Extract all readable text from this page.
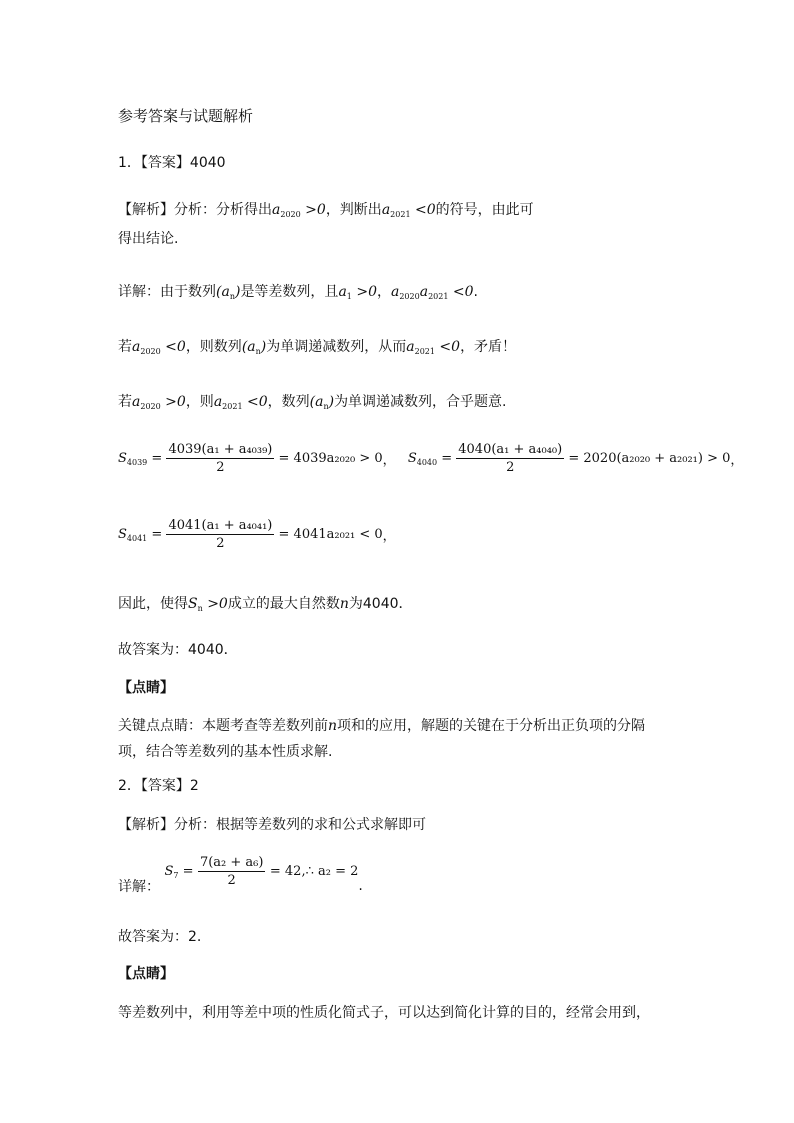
参考答案与试题解析
1．【答案】4040
【解析】分析：分析得出$a_{2020} >0$，判断出$a_{2021} <0$的符号，由此可
得出结论.
详解：由于数列$(a_n)$是等差数列，且$a_1 >0$，$a_{2020}a_{2021} <0$.
若$a_{2020} <0$，则数列$(a_n)$为单调递减数列，从而$a_{2021} <0$，矛盾！
若$a_{2020} >0$，则$a_{2021} <0$，数列$(a_n)$为单调递减数列，合乎题意.
$S_{4039} = \frac{\text{4039(a₁ + a₄₀₃₉)}}{2} = 4039a_{2020} > 0$， $S_{4040} = \frac{\text{4040(a₁ + a₄₀₄₀)}}{2} = 2020(a_{2020} + a_{2021}) > 0$，
$S_{4041} = \frac{\text{4041(a₁ + a₄₀₄₁)}}{2} = 4041a_{2021} < 0$，
因此，使得$S_n >0$成立的最大自然数n为4040．
故答案为：4040．
【点睛】
关键点点睛：本题考查等差数列前n项和的应用，解题的关键在于分析出正负项的分隔
项，结合等差数列的基本性质求解.
2．【答案】2
【解析】分析：根据等差数列的求和公式求解即可
详解： $S_7 = \frac{\text{7(a₂ + a₆)}}{2}$ = 42,∴ a₂ = 2.
故答案为：2.
【点睛】
等差数列中，利用等差中项的性质化简式子，可以达到简化计算的目的，经常会用到，
